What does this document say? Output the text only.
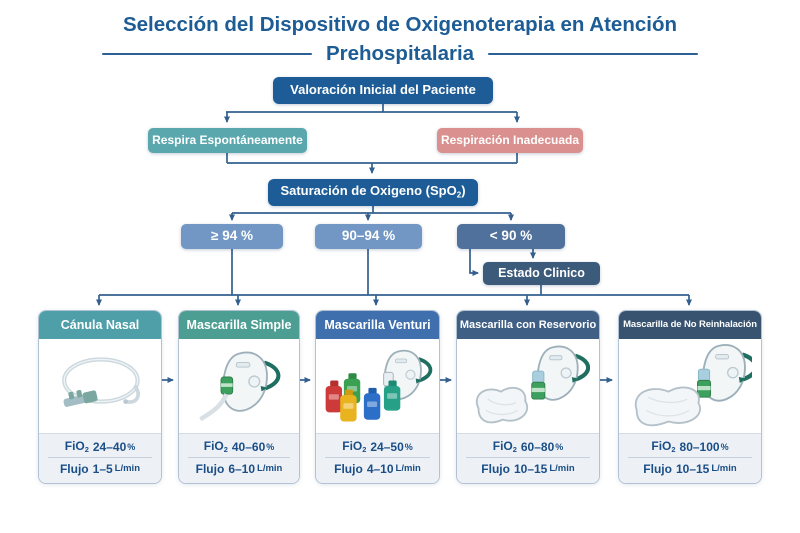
Selección del Dispositivo de Oxigenoterapia en Atención
Prehospitalaria
Valoración Inicial del Paciente
Respira Espontáneamente	Respiración Inadecuada
Saturación de Oxigeno (SpO2)
≥ 94 %	90–94 %	< 90 %
Estado Clinico
Cánula Nasal
FiO2 24–40 %
Flujo 1–5 L/min
Mascarilla Simple
FiO2 40–60 %
Flujo 6–10 L/min
Mascarilla Venturi
FiO2 24–50 %
Flujo 4–10 L/min
Mascarilla con Reservorio
FiO2 60–80 %
Flujo 10–15 L/min
Mascarilla de No Reinhalación
FiO2 80–100 %
Flujo 10–15 L/min
